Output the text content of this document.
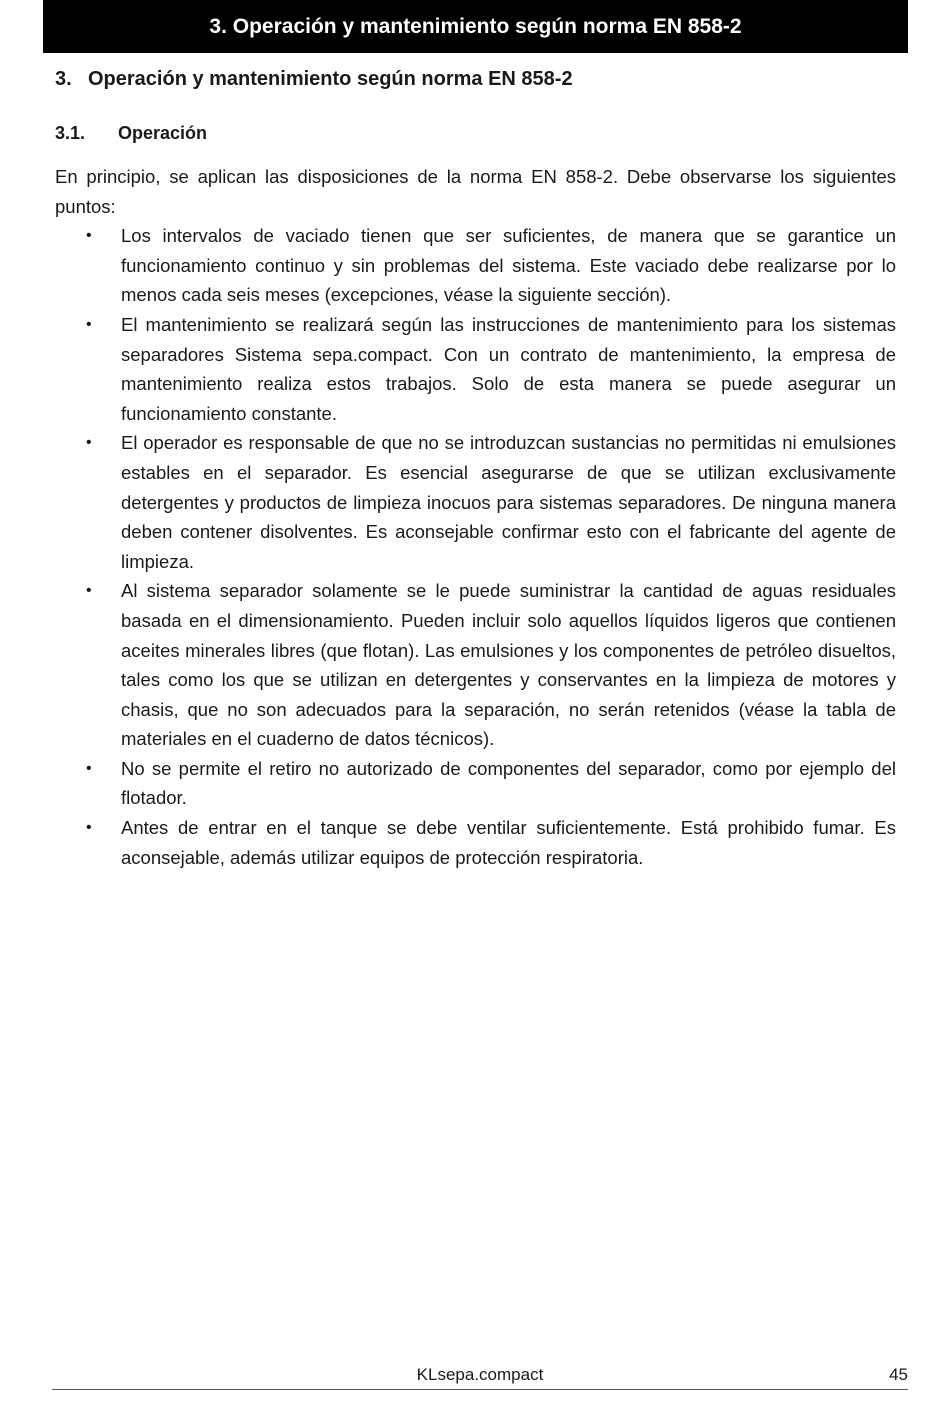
3. Operación y mantenimiento según norma EN 858-2
3. Operación y mantenimiento según norma EN 858-2
3.1. Operación

En principio, se aplican las disposiciones de la norma EN 858-2. Debe observarse los siguientes puntos:

• Los intervalos de vaciado tienen que ser suficientes, de manera que se garantice un funcionamiento continuo y sin problemas del sistema. Este vaciado debe realizarse por lo menos cada seis meses (excepciones, véase la siguiente sección).
• El mantenimiento se realizará según las instrucciones de mantenimiento para los sistemas separadores Sistema sepa.compact. Con un contrato de mantenimiento, la empresa de mantenimiento realiza estos trabajos. Solo de esta manera se puede asegurar un funcionamiento constante.
• El operador es responsable de que no se introduzcan sustancias no permitidas ni emulsiones estables en el separador. Es esencial asegurarse de que se utilizan exclusivamente detergentes y productos de limpieza inocuos para sistemas separadores. De ninguna manera deben contener disolventes. Es aconsejable confirmar esto con el fabricante del agente de limpieza.
• Al sistema separador solamente se le puede suministrar la cantidad de aguas residuales basada en el dimensionamiento. Pueden incluir solo aquellos líquidos ligeros que contienen aceites minerales libres (que flotan). Las emulsiones y los componentes de petróleo disueltos, tales como los que se utilizan en detergentes y conservantes en la limpieza de motores y chasis, que no son adecuados para la separación, no serán retenidos (véase la tabla de materiales en el cuaderno de datos técnicos).
• No se permite el retiro no autorizado de componentes del separador, como por ejemplo del flotador.
• Antes de entrar en el tanque se debe ventilar suficientemente. Está prohibido fumar. Es aconsejable, además utilizar equipos de protección respiratoria.
KLsepa.compact	45
